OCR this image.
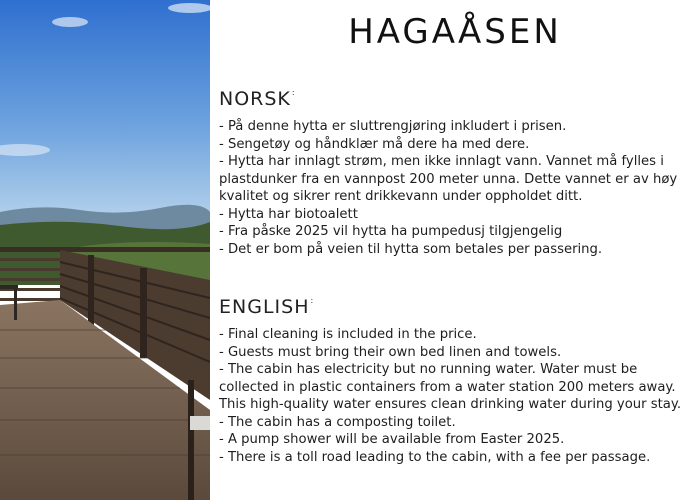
HAGAÅSEN
NORSK:
- På denne hytta er sluttrengjøring inkludert i prisen.
- Sengetøy og håndklær må dere ha med dere.
- Hytta har innlagt strøm, men ikke innlagt vann. Vannet må fylles i
plastdunker fra en vannpost 200 meter unna. Dette vannet er av høy
kvalitet og sikrer rent drikkevann under oppholdet ditt.
- Hytta har biotoalett
- Fra påske 2025 vil hytta ha pumpedusj tilgjengelig
- Det er bom på veien til hytta som betales per passering.
ENGLISH:
- Final cleaning is included in the price.
- Guests must bring their own bed linen and towels.
- The cabin has electricity but no running water. Water must be
collected in plastic containers from a water station 200 meters away.
This high-quality water ensures clean drinking water during your stay.
- The cabin has a composting toilet.
- A pump shower will be available from Easter 2025.
- There is a toll road leading to the cabin, with a fee per passage.
